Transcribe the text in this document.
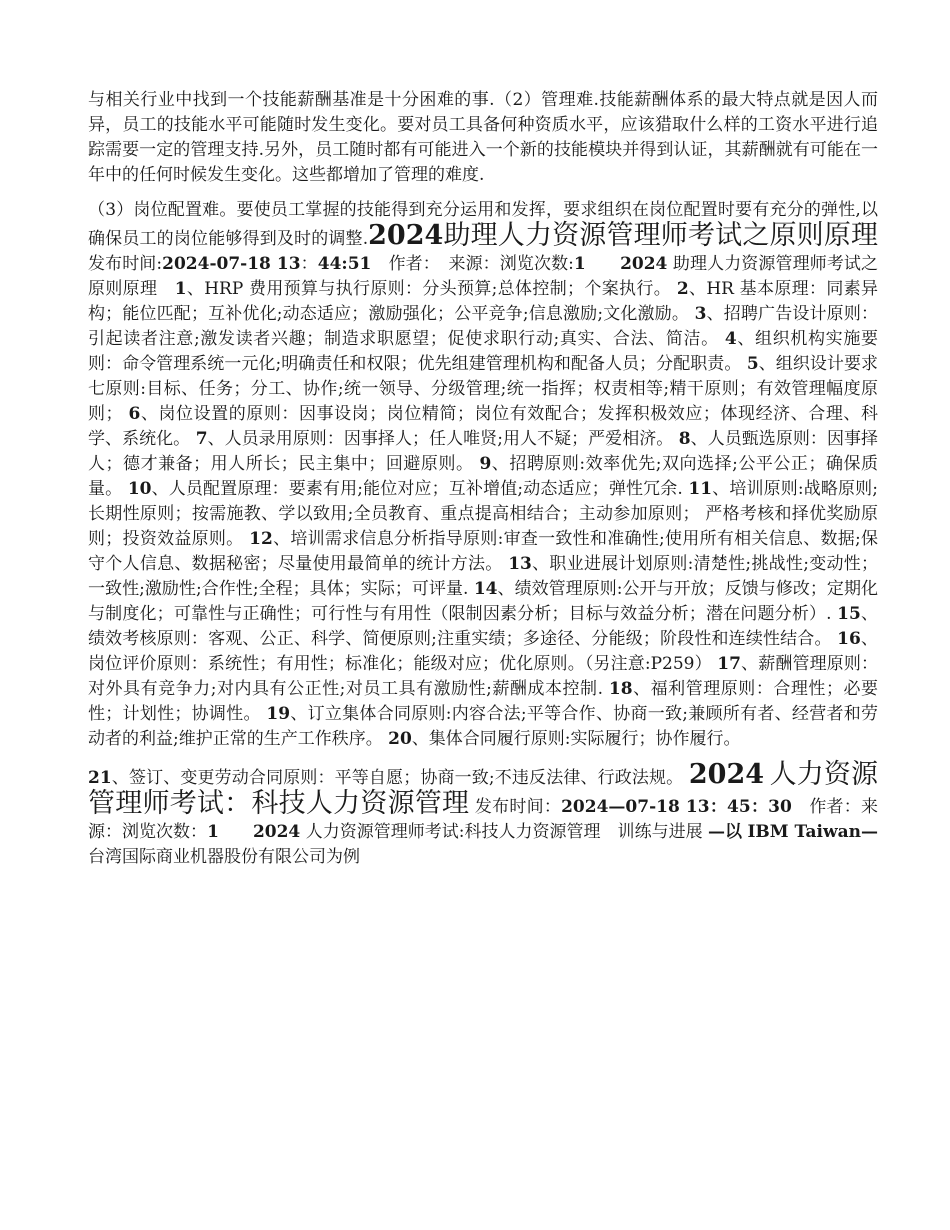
与相关行业中找到一个技能薪酬基准是十分困难的事.（2）管理难.技能薪酬体系的最大特点就是因人而异，员工的技能水平可能随时发生变化。要对员工具备何种资质水平，应该猎取什么样的工资水平进行追踪需要一定的管理支持.另外，员工随时都有可能进入一个新的技能模块并得到认证，其薪酬就有可能在一年中的任何时候发生变化。这些都增加了管理的难度.

（3）岗位配置难。要使员工掌握的技能得到充分运用和发挥，要求组织在岗位配置时要有充分的弹性,以确保员工的岗位能够得到及时的调整.2024助理人力资源管理师考试之原则原理 发布时间:2024-07-18 13：44:51　 作者：　来源：浏览次数:1　　 2024 助理人力资源管理师考试之原则原理　 1、HRP 费用预算与执行原则：分头预算;总体控制；个案执行。 2、HR 基本原理：同素异构；能位匹配；互补优化;动态适应；激励强化；公平竞争;信息激励;文化激励。 3、招聘广告设计原则：引起读者注意;激发读者兴趣；制造求职愿望；促使求职行动;真实、合法、简洁。 4、组织机构实施要则：命令管理系统一元化;明确责任和权限；优先组建管理机构和配备人员；分配职责。 5、组织设计要求七原则:目标、任务；分工、协作;统一领导、分级管理;统一指挥；权责相等;精干原则；有效管理幅度原则； 6、岗位设置的原则：因事设岗；岗位精简；岗位有效配合；发挥积极效应；体现经济、合理、科学、系统化。 7、人员录用原则：因事择人；任人唯贤;用人不疑；严爱相济。 8、人员甄选原则：因事择人；德才兼备；用人所长；民主集中；回避原则。 9、招聘原则:效率优先;双向选择;公平公正；确保质量。 10、人员配置原理：要素有用;能位对应；互补增值;动态适应；弹性冗余. 11、培训原则:战略原则;长期性原则；按需施教、学以致用;全员教育、重点提高相结合；主动参加原则； 严格考核和择优奖励原则；投资效益原则。 12、培训需求信息分析指导原则:审查一致性和准确性;使用所有相关信息、数据;保守个人信息、数据秘密；尽量使用最简单的统计方法。 13、职业进展计划原则:清楚性;挑战性;变动性；一致性;激励性;合作性;全程；具体；实际；可评量. 14、绩效管理原则:公开与开放；反馈与修改；定期化与制度化；可靠性与正确性；可行性与有用性（限制因素分析；目标与效益分析；潜在问题分析）. 15、绩效考核原则：客观、公正、科学、简便原则;注重实绩；多途径、分能级；阶段性和连续性结合。 16、岗位评价原则：系统性；有用性；标准化；能级对应；优化原则。（另注意:P259） 17、薪酬管理原则：对外具有竞争力;对内具有公正性;对员工具有激励性;薪酬成本控制. 18、福利管理原则：合理性；必要性；计划性；协调性。 19、订立集体合同原则:内容合法;平等合作、协商一致;兼顾所有者、经营者和劳动者的利益;维护正常的生产工作秩序。 20、集体合同履行原则:实际履行；协作履行。

21、签订、变更劳动合同原则：平等自愿；协商一致;不违反法律、行政法规。 2024 人力资源管理师考试：科技人力资源管理 发布时间：2024—07-18 13：45：30　 作者：来源：浏览次数：1　　 2024 人力资源管理师考试:科技人力资源管理　训练与进展 —以 IBM Taiwan—台湾国际商业机器股份有限公司为例
